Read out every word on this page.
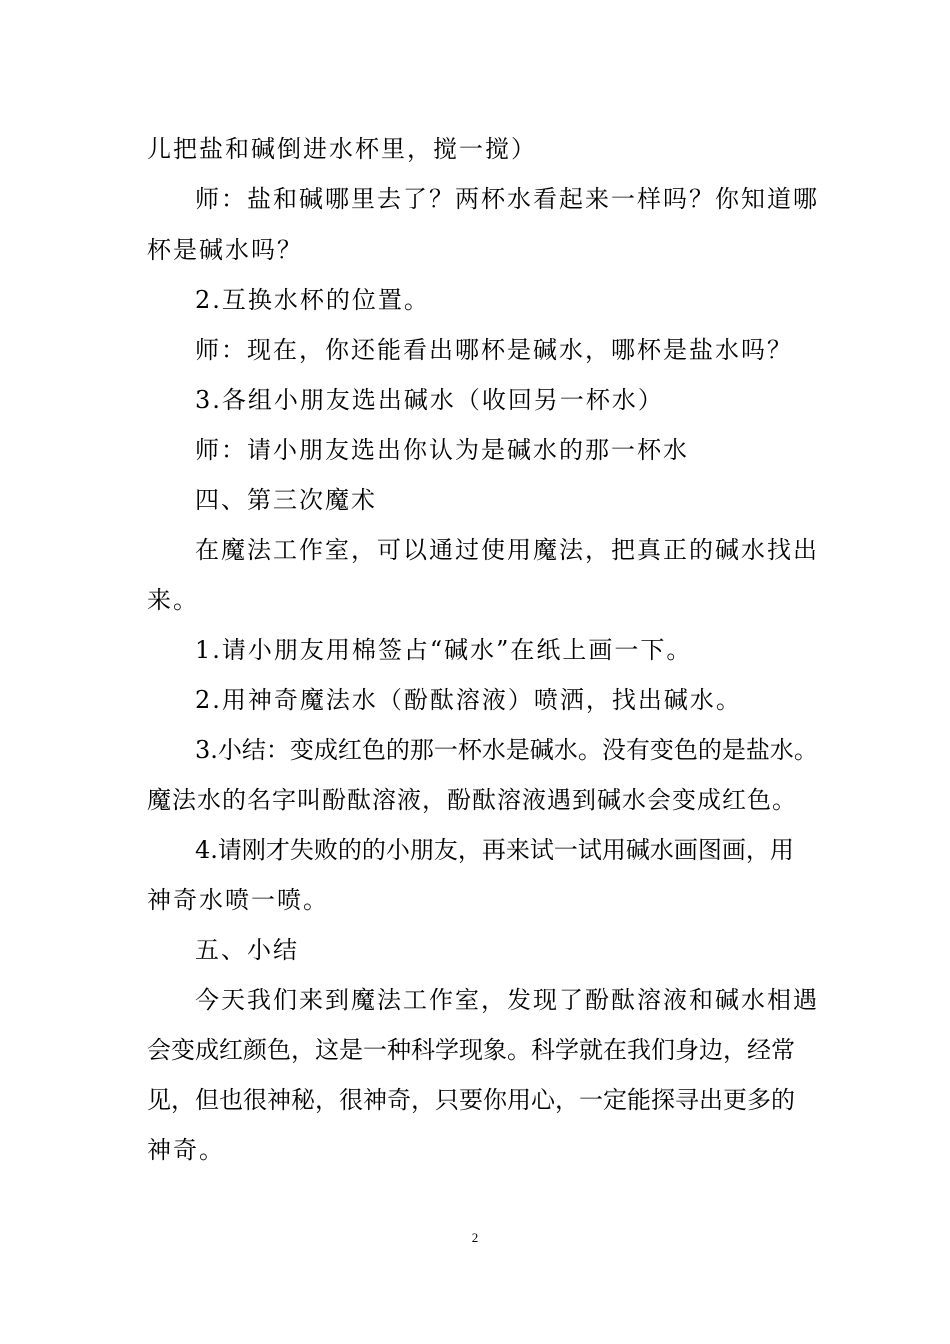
儿把盐和碱倒进水杯里，搅一搅）

师：盐和碱哪里去了？两杯水看起来一样吗？你知道哪

杯是碱水吗？

2.互换水杯的位置。

师：现在，你还能看出哪杯是碱水，哪杯是盐水吗？

3.各组小朋友选出碱水（收回另一杯水）

师：请小朋友选出你认为是碱水的那一杯水

四、第三次魔术

在魔法工作室，可以通过使用魔法，把真正的碱水找出

来。

1.请小朋友用棉签占“碱水”在纸上画一下。

2.用神奇魔法水（酚酞溶液）喷洒，找出碱水。

3.小结：变成红色的那一杯水是碱水。没有变色的是盐水。

魔法水的名字叫酚酞溶液，酚酞溶液遇到碱水会变成红色。

4.请刚才失败的的小朋友，再来试一试用碱水画图画，用

神奇水喷一喷。

五、小结

今天我们来到魔法工作室，发现了酚酞溶液和碱水相遇

会变成红颜色，这是一种科学现象。科学就在我们身边，经常

见，但也很神秘，很神奇，只要你用心，一定能探寻出更多的

神奇。

2
